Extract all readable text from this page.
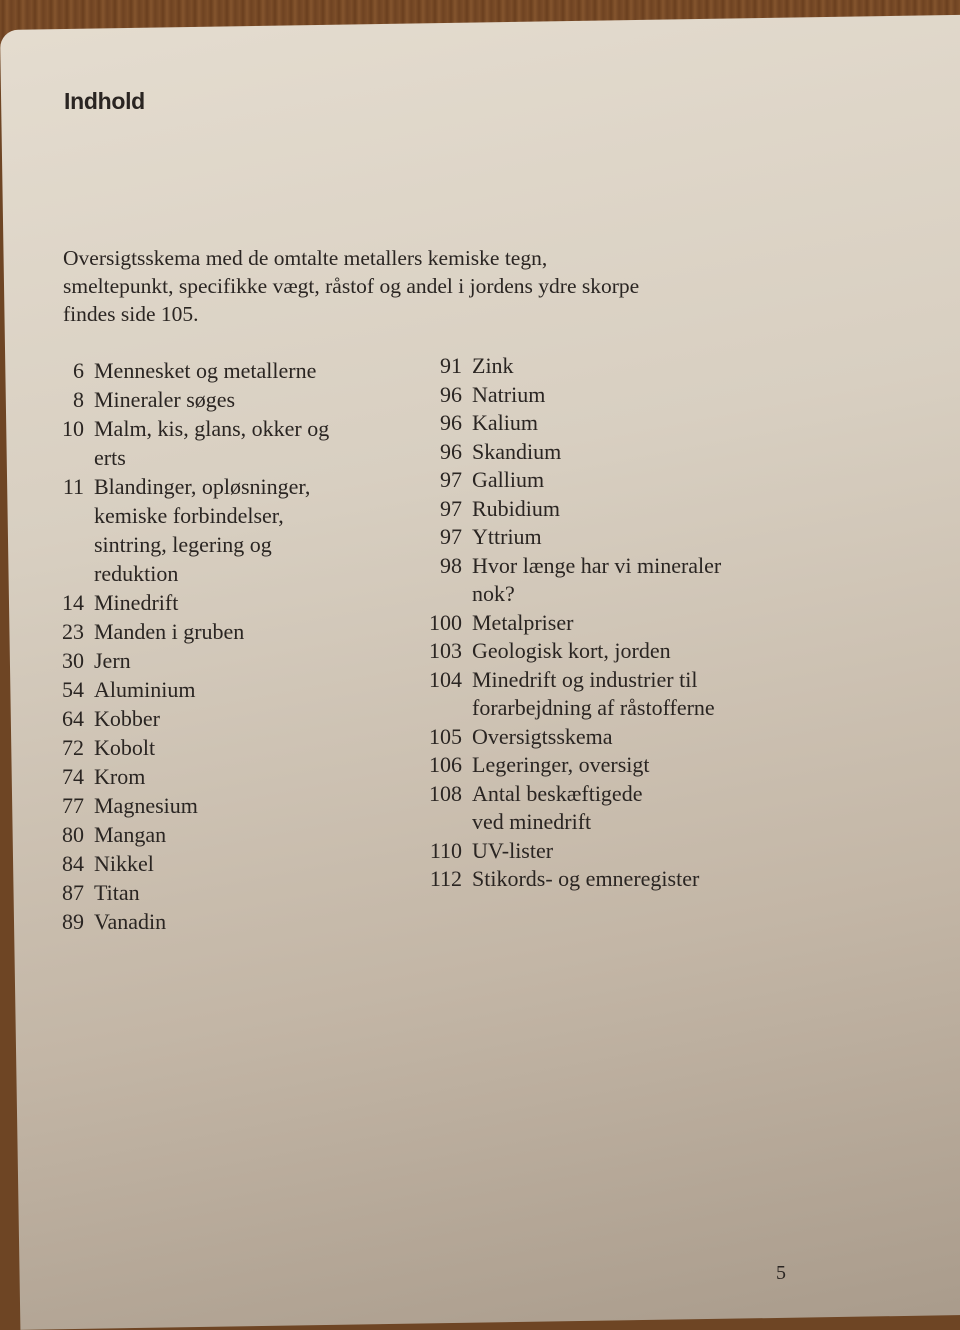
Indhold
Oversigtsskema med de omtalte metallers kemiske tegn,
smeltepunkt, specifikke vægt, råstof og andel i jordens ydre skorpe
findes side 105.
6 Mennesket og metallerne
8 Mineraler søges
10 Malm, kis, glans, okker og
erts
11 Blandinger, opløsninger,
kemiske forbindelser,
sintring, legering og
reduktion
14 Minedrift
23 Manden i gruben
30 Jern
54 Aluminium
64 Kobber
72 Kobolt
74 Krom
77 Magnesium
80 Mangan
84 Nikkel
87 Titan
89 Vanadin
91 Zink
96 Natrium
96 Kalium
96 Skandium
97 Gallium
97 Rubidium
97 Yttrium
98 Hvor længe har vi mineraler
nok?
100 Metalpriser
103 Geologisk kort, jorden
104 Minedrift og industrier til
forarbejdning af råstofferne
105 Oversigtsskema
106 Legeringer, oversigt
108 Antal beskæftigede
ved minedrift
110 UV-lister
112 Stikords- og emneregister
5
